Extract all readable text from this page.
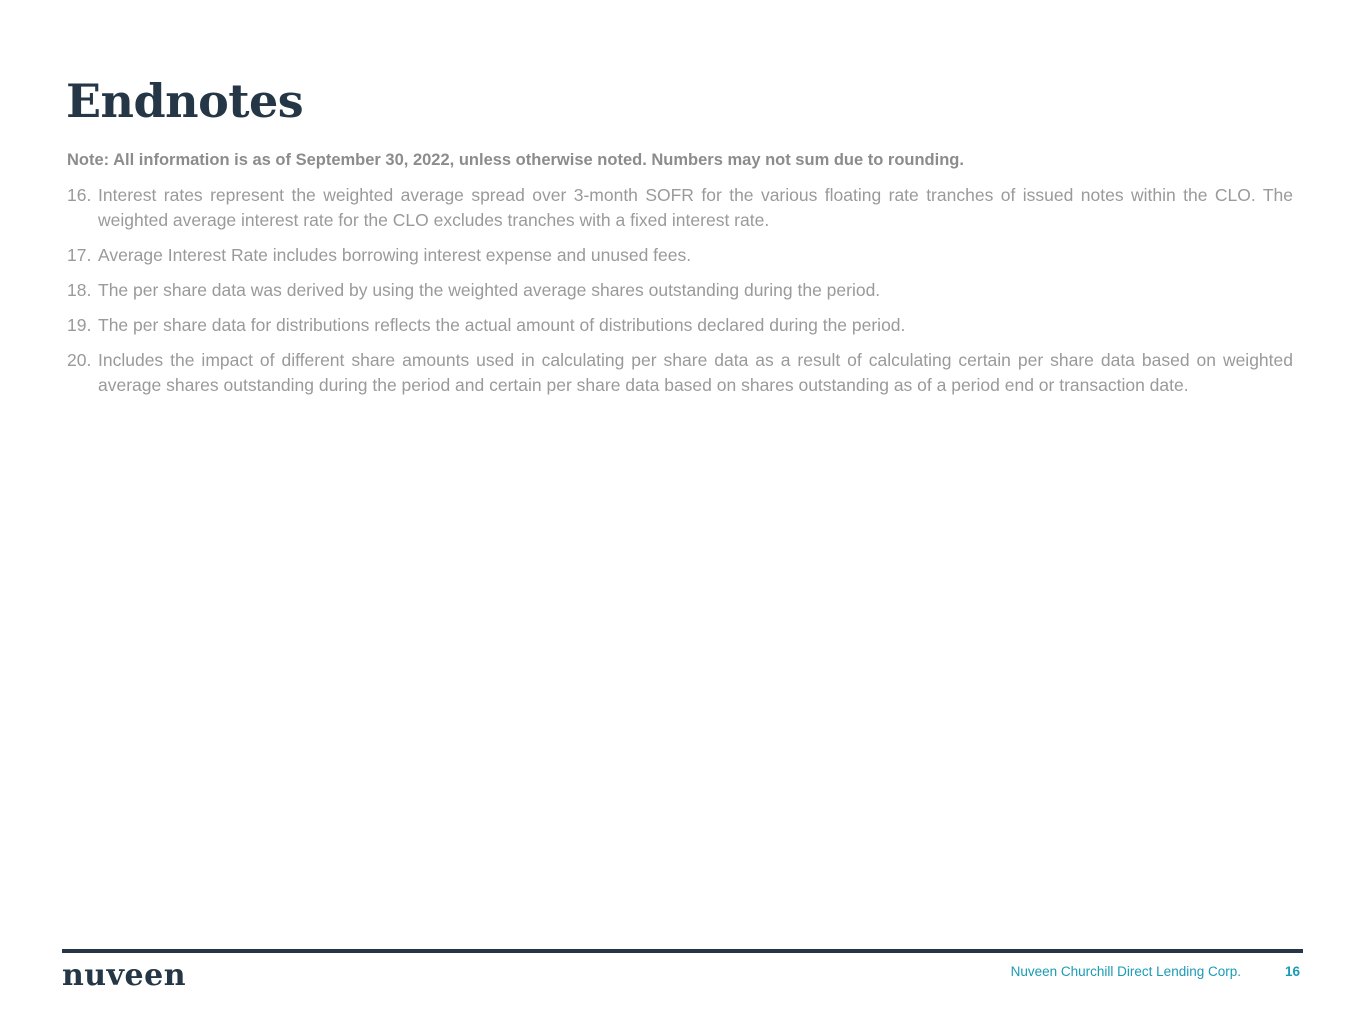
Endnotes

Note: All information is as of September 30, 2022, unless otherwise noted. Numbers may not sum due to rounding.

16. Interest rates represent the weighted average spread over 3-month SOFR for the various floating rate tranches of issued notes within the CLO. The weighted average interest rate for the CLO excludes tranches with a fixed interest rate.
17. Average Interest Rate includes borrowing interest expense and unused fees.
18. The per share data was derived by using the weighted average shares outstanding during the period.
19. The per share data for distributions reflects the actual amount of distributions declared during the period.
20. Includes the impact of different share amounts used in calculating per share data as a result of calculating certain per share data based on weighted average shares outstanding during the period and certain per share data based on shares outstanding as of a period end or transaction date.
nuveen	Nuveen Churchill Direct Lending Corp.	16
